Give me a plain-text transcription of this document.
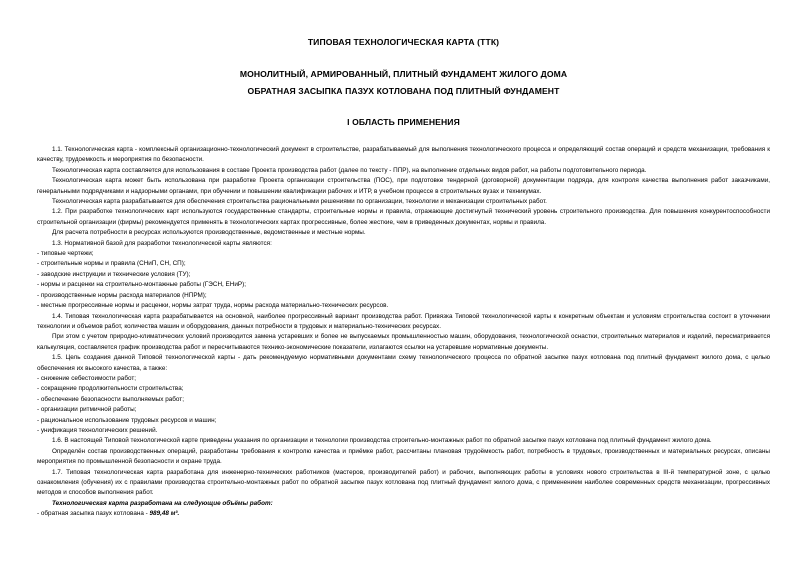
ТИПОВАЯ ТЕХНОЛОГИЧЕСКАЯ КАРТА (ТТК)
МОНОЛИТНЫЙ, АРМИРОВАННЫЙ, ПЛИТНЫЙ ФУНДАМЕНТ ЖИЛОГО ДОМА
ОБРАТНАЯ ЗАСЫПКА ПАЗУХ КОТЛОВАНА ПОД ПЛИТНЫЙ ФУНДАМЕНТ
I ОБЛАСТЬ ПРИМЕНЕНИЯ

1.1. Технологическая карта - комплексный организационно-технологический документ в строительстве, разрабатываемый для выполнения технологического процесса и определяющий состав операций и средств механизации, требования к качеству, трудоемкость и мероприятия по безопасности.

Технологическая карта составляется для использования в составе Проекта производства работ (далее по тексту - ППР), на выполнение отдельных видов работ, на работы подготовительного периода.

Технологическая карта может быть использована при разработке Проекта организации строительства (ПОС), при подготовке тендерной (договорной) документации подряда, для контроля качества выполнения работ заказчиками, генеральными подрядчиками и надзорными органами, при обучении и повышении квалификации рабочих и ИТР, в учебном процессе в строительных вузах и техникумах.

Технологическая карта разрабатывается для обеспечения строительства рациональными решениями по организации, технологии и механизации строительных работ.

1.2. При разработке технологических карт используются государственные стандарты, строительные нормы и правила, отражающие достигнутый технический уровень строительного производства. Для повышения конкурентоспособности строительной организации (фирмы) рекомендуется применять в технологических картах прогрессивные, более жесткие, чем в приведенных документах, нормы и правила.

Для расчета потребности в ресурсах используются производственные, ведомственные и местные нормы.

1.3. Нормативной базой для разработки технологической карты являются:

- типовые чертежи;

- строительные нормы и правила (СНиП, СН, СП);

- заводские инструкции и технические условия (ТУ);

- нормы и расценки на строительно-монтажные работы (ГЭСН, ЕНиР);

- производственные нормы расхода материалов (НПРМ);

- местные прогрессивные нормы и расценки, нормы затрат труда, нормы расхода материально-технических ресурсов.

1.4. Типовая технологическая карта разрабатывается на основной, наиболее прогрессивный вариант производства работ. Привязка Типовой технологической карты к конкретным объектам и условиям строительства состоит в уточнении технологии и объемов работ, количества машин и оборудования, данных потребности в трудовых и материально-технических ресурсах.

При этом с учетом природно-климатических условий производится замена устаревших и более не выпускаемых промышленностью машин, оборудования, технологической оснастки, строительных материалов и изделий, пересматривается калькуляция, составляется график производства работ и пересчитываются технико-экономические показатели, излагаются ссылки на устаревшие нормативные документы.

1.5. Цель создания данной Типовой технологической карты - дать рекомендуемую нормативными документами схему технологического процесса по обратной засыпке пазух котлована под плитный фундамент жилого дома, с целью обеспечения их высокого качества, а также:

- снижение себестоимости работ;

- сокращение продолжительности строительства;

- обеспечение безопасности выполняемых работ;

- организации ритмичной работы;

- рациональное использование трудовых ресурсов и машин;

- унификация технологических решений.

1.6. В настоящей Типовой технологической карте приведены указания по организации и технологии производства строительно-монтажных работ по обратной засыпке пазух котлована под плитный фундамент жилого дома.

Определён состав производственных операций, разработаны требования к контролю качества и приёмке работ, рассчитаны плановая трудоёмкость работ, потребность в трудовых, производственных и материальных ресурсах, описаны мероприятия по промышленной безопасности и охране труда.

1.7. Типовая технологическая карта разработана для инженерно-технических работников (мастеров, производителей работ) и рабочих, выполняющих работы в условиях нового строительства в III-й температурной зоне, с целью ознакомления (обучения) их с правилами производства строительно-монтажных работ по обратной засыпке пазух котлована под плитный фундамент жилого дома, с применением наиболее современных средств механизации, прогрессивных методов и способов выполнения работ.

Технологическая карта разработана на следующие объёмы работ:

- обратная засыпка пазух котлована - 989,48 м³.
